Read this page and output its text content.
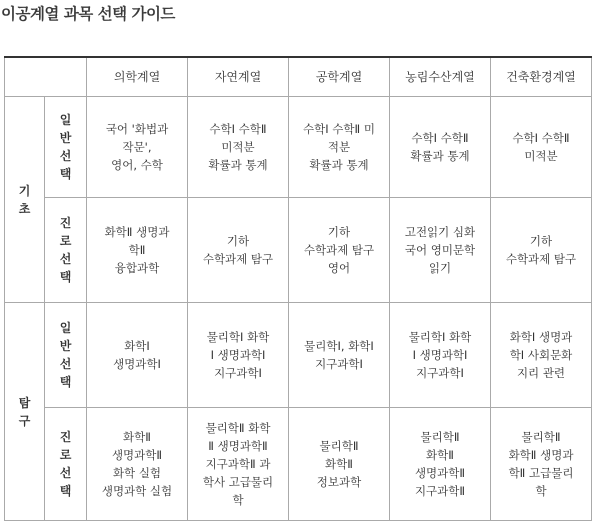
이공계열 과목 선택 가이드
		의학계열	자연계열	공학계열	농림수산계열	건축환경계열
기초	일반선택	국어 '화법과
작문',
영어, 수학	수학Ⅰ 수학Ⅱ
미적분
확률과 통계	수학Ⅰ 수학Ⅱ 미
적분
확률과 통계	수학Ⅰ 수학Ⅱ
확률과 통계	수학Ⅰ 수학Ⅱ
미적분

	진로선택	화학Ⅱ 생명과
학Ⅱ
융합과학	기하
수학과제 탐구	기하
수학과제 탐구
영어	고전읽기 심화
국어 영미문학
읽기	기하
수학과제 탐구

탐구	일반선택	화학Ⅰ
생명과학Ⅰ	물리학Ⅰ 화학
Ⅰ 생명과학Ⅰ
지구과학Ⅰ	물리학Ⅰ, 화학Ⅰ
지구과학Ⅰ	물리학Ⅰ 화학
Ⅰ 생명과학Ⅰ
지구과학Ⅰ	화학Ⅰ 생명과
학Ⅰ 사회문화
지리 관련

	진로선택	화학Ⅱ
생명과학Ⅱ
화학 실험
생명과학 실험	물리학Ⅱ 화학
Ⅱ 생명과학Ⅱ
지구과학Ⅱ 과
학사 고급물리
학	물리학Ⅱ
화학Ⅱ
정보과학	물리학Ⅱ
화학Ⅱ
생명과학Ⅱ
지구과학Ⅱ	물리학Ⅱ
화학Ⅱ 생명과
학Ⅱ 고급물리
학
